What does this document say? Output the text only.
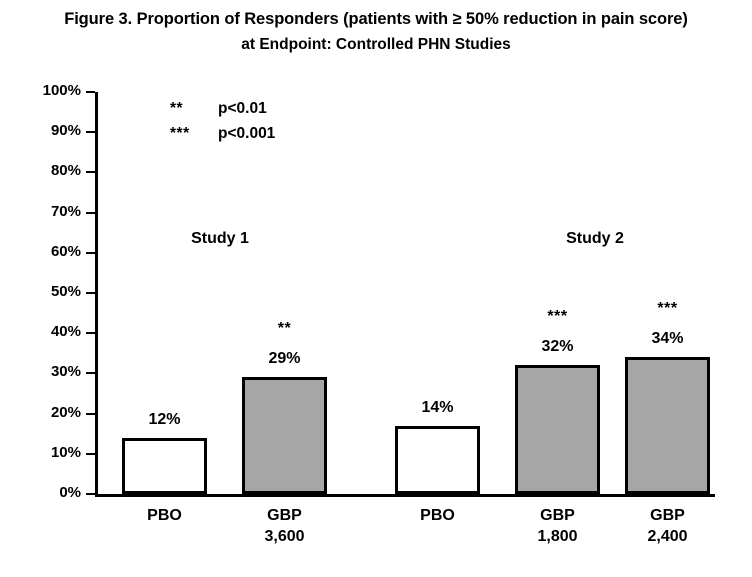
Figure 3. Proportion of Responders (patients with ≥ 50% reduction in pain score)
at Endpoint: Controlled PHN Studies
**	p<0.01
***	p<0.001
0%
10%
20%
30%
40%
50%
60%
70%
80%
90%
100%
12%
29%
**
14%
32%
***
34%
***
Study 1	Study 2
PBO	GBP
3,600
PBO	GBP
1,800
GBP
2,400
